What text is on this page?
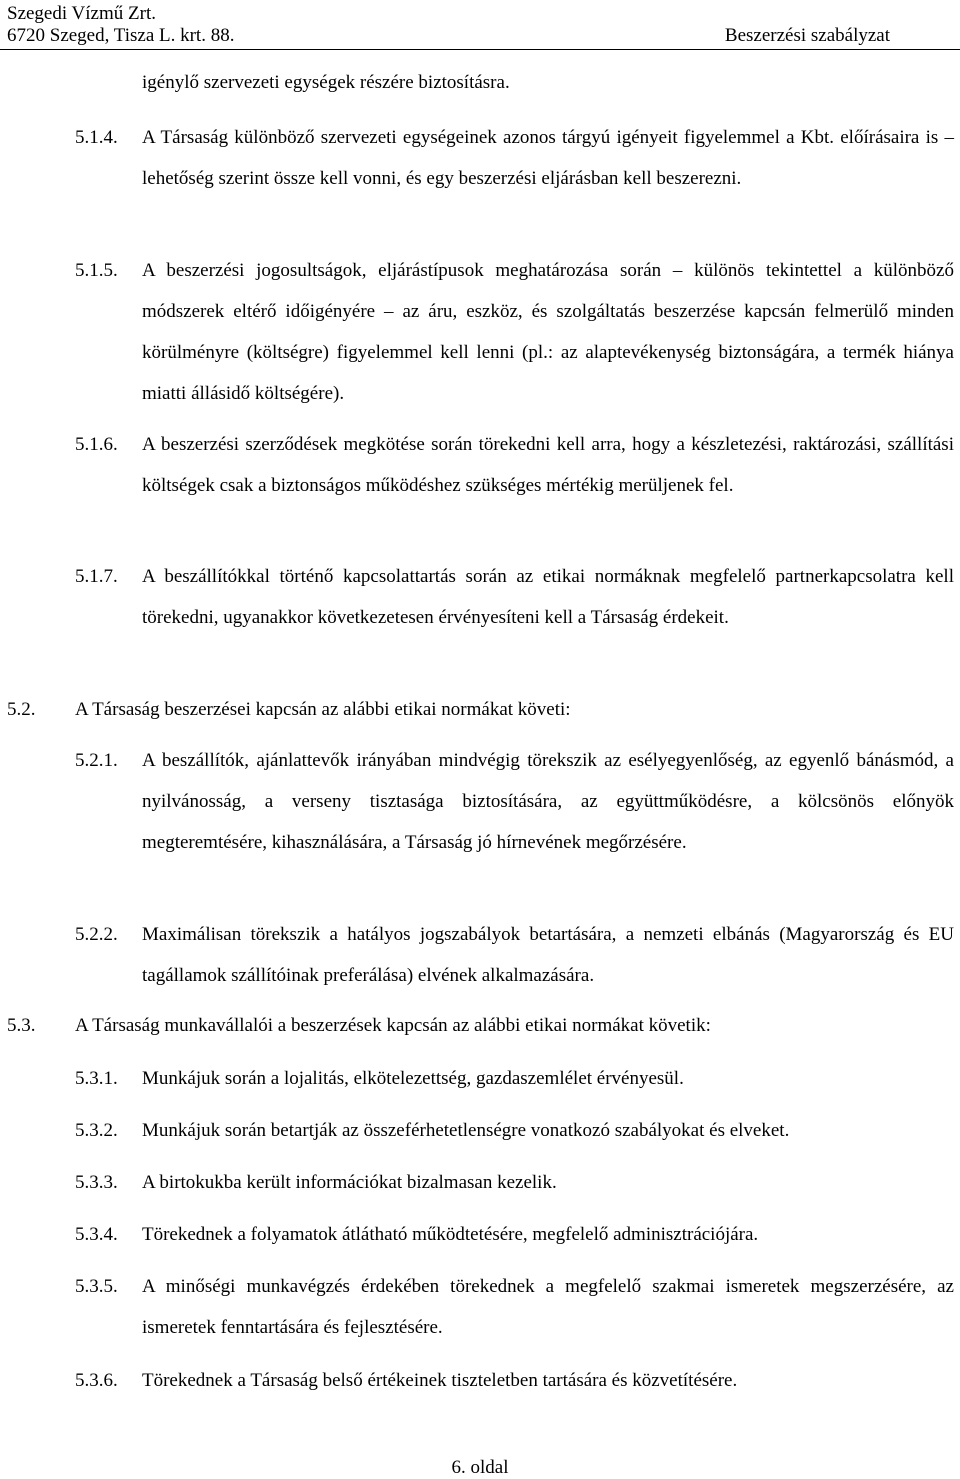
Szegedi Vízmű Zrt.
6720 Szeged, Tisza L. krt. 88.	Beszerzési szabályzat
igénylő szervezeti egységek részére biztosításra.
5.1.4. A Társaság különböző szervezeti egységeinek azonos tárgyú igényeit figyelemmel a Kbt. előírásaira is – lehetőség szerint össze kell vonni, és egy beszerzési eljárásban kell beszerezni.
5.1.5. A beszerzési jogosultságok, eljárástípusok meghatározása során – különös tekintettel a különböző módszerek eltérő időigényére – az áru, eszköz, és szolgáltatás beszerzése kapcsán felmerülő minden körülményre (költségre) figyelemmel kell lenni (pl.: az alaptevékenység biztonságára, a termék hiánya miatti állásidő költségére).
5.1.6. A beszerzési szerződések megkötése során törekedni kell arra, hogy a készletezési, raktározási, szállítási költségek csak a biztonságos működéshez szükséges mértékig merüljenek fel.
5.1.7. A beszállítókkal történő kapcsolattartás során az etikai normáknak megfelelő partnerkapcsolatra kell törekedni, ugyanakkor következetesen érvényesíteni kell a Társaság érdekeit.
5.2. A Társaság beszerzései kapcsán az alábbi etikai normákat követi:
5.2.1. A beszállítók, ajánlattevők irányában mindvégig törekszik az esélyegyenlőség, az egyenlő bánásmód, a nyilvánosság, a verseny tisztasága biztosítására, az együttműködésre, a kölcsönös előnyök megteremtésére, kihasználására, a Társaság jó hírnevének megőrzésére.
5.2.2. Maximálisan törekszik a hatályos jogszabályok betartására, a nemzeti elbánás (Magyarország és EU tagállamok szállítóinak preferálása) elvének alkalmazására.
5.3. A Társaság munkavállalói a beszerzések kapcsán az alábbi etikai normákat követik:
5.3.1. Munkájuk során a lojalitás, elkötelezettség, gazdaszemlélet érvényesül.
5.3.2. Munkájuk során betartják az összeférhetetlenségre vonatkozó szabályokat és elveket.
5.3.3. A birtokukba került információkat bizalmasan kezelik.
5.3.4. Törekednek a folyamatok átlátható működtetésére, megfelelő adminisztrációjára.
5.3.5. A minőségi munkavégzés érdekében törekednek a megfelelő szakmai ismeretek megszerzésére, az ismeretek fenntartására és fejlesztésére.
5.3.6. Törekednek a Társaság belső értékeinek tiszteletben tartására és közvetítésére.
6. oldal
